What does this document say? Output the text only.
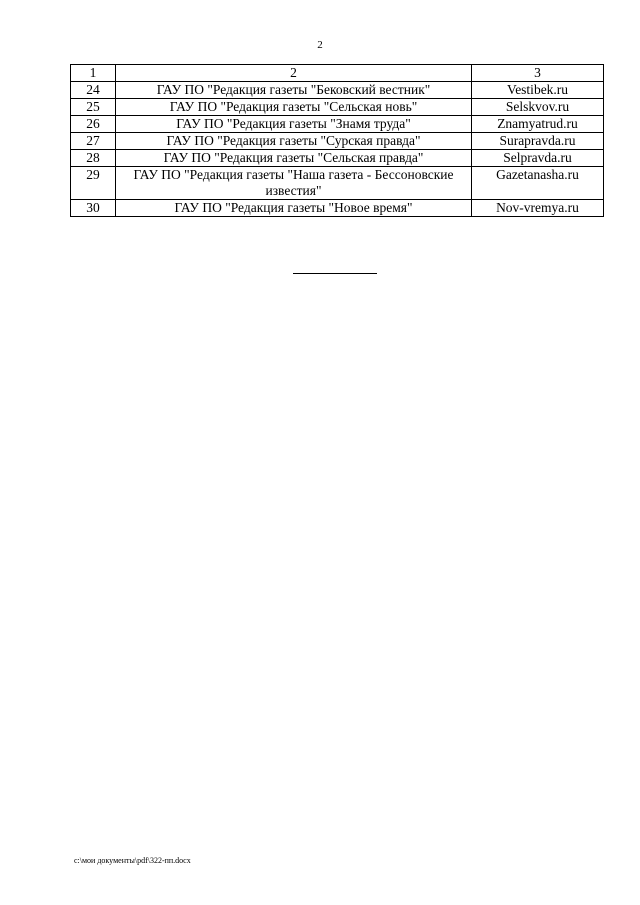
2
1	2	3
24	ГАУ ПО "Редакция газеты "Бековский вестник"	Vestibek.ru
25	ГАУ ПО "Редакция газеты "Сельская новь"	Selskvov.ru
26	ГАУ ПО "Редакция газеты "Знамя труда"	Znamyatrud.ru
27	ГАУ ПО "Редакция газеты "Сурская правда"	Surapravda.ru
28	ГАУ ПО "Редакция газеты "Сельская правда"	Selpravda.ru
29	ГАУ ПО "Редакция газеты "Наша газета - Бессоновские известия"	Gazetanasha.ru
30	ГАУ ПО "Редакция газеты "Новое время"	Nov-vremya.ru
c:\мои документы\pdf\322-пп.docx
